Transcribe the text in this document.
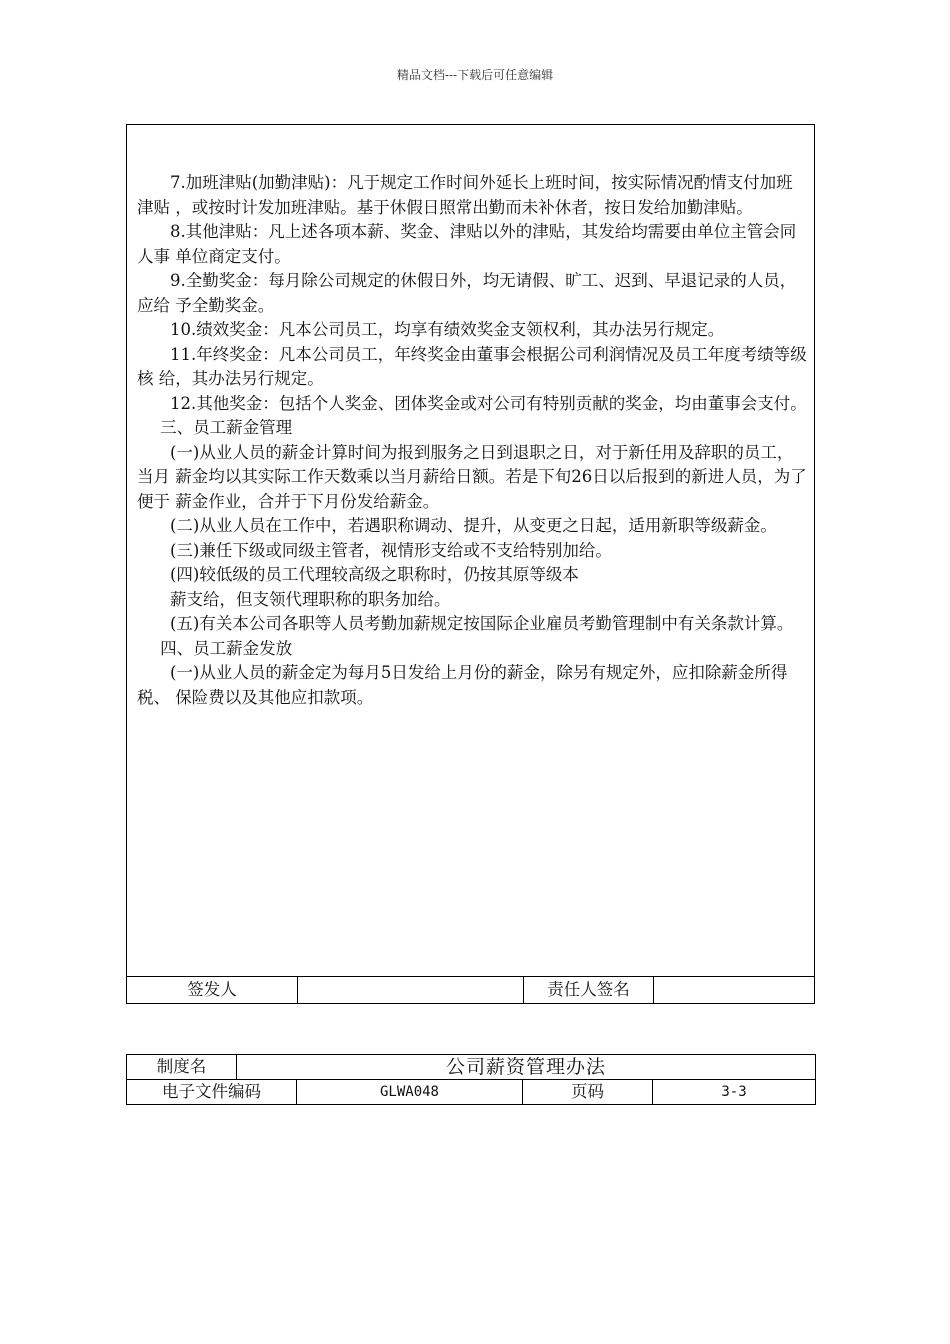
精品文档---下载后可任意编辑

7.加班津贴(加勤津贴)：凡于规定工作时间外延长上班时间，按实际情况酌情支付加班津贴 ，或按时计发加班津贴。基于休假日照常出勤而未补休者，按日发给加勤津贴。

8.其他津贴：凡上述各项本薪、奖金、津贴以外的津贴，其发给均需要由单位主管会同人事 单位商定支付。

9.全勤奖金：每月除公司规定的休假日外，均无请假、旷工、迟到、早退记录的人员，应给 予全勤奖金。

10.绩效奖金：凡本公司员工，均享有绩效奖金支领权利，其办法另行规定。

11.年终奖金：凡本公司员工，年终奖金由董事会根据公司利润情况及员工年度考绩等级核 给，其办法另行规定。

12.其他奖金：包括个人奖金、团体奖金或对公司有特别贡献的奖金，均由董事会支付。

三、员工薪金管理

(一)从业人员的薪金计算时间为报到服务之日到退职之日，对于新任用及辞职的员工，当月 薪金均以其实际工作天数乘以当月薪给日额。若是下旬26日以后报到的新进人员，为了便于 薪金作业，合并于下月份发给薪金。

(二)从业人员在工作中，若遇职称调动、提升，从变更之日起，适用新职等级薪金。

(三)兼任下级或同级主管者，视情形支给或不支给特别加给。

(四)较低级的员工代理较高级之职称时，仍按其原等级本

薪支给，但支领代理职称的职务加给。

(五)有关本公司各职等人员考勤加薪规定按国际企业雇员考勤管理制中有关条款计算。

四、员工薪金发放

(一)从业人员的薪金定为每月5日发给上月份的薪金，除另有规定外，应扣除薪金所得税、 保险费以及其他应扣款项。

签发人	责任人签名
制度名	公司薪资管理办法			
电子文件编码		GLWA048	页码	3-3
